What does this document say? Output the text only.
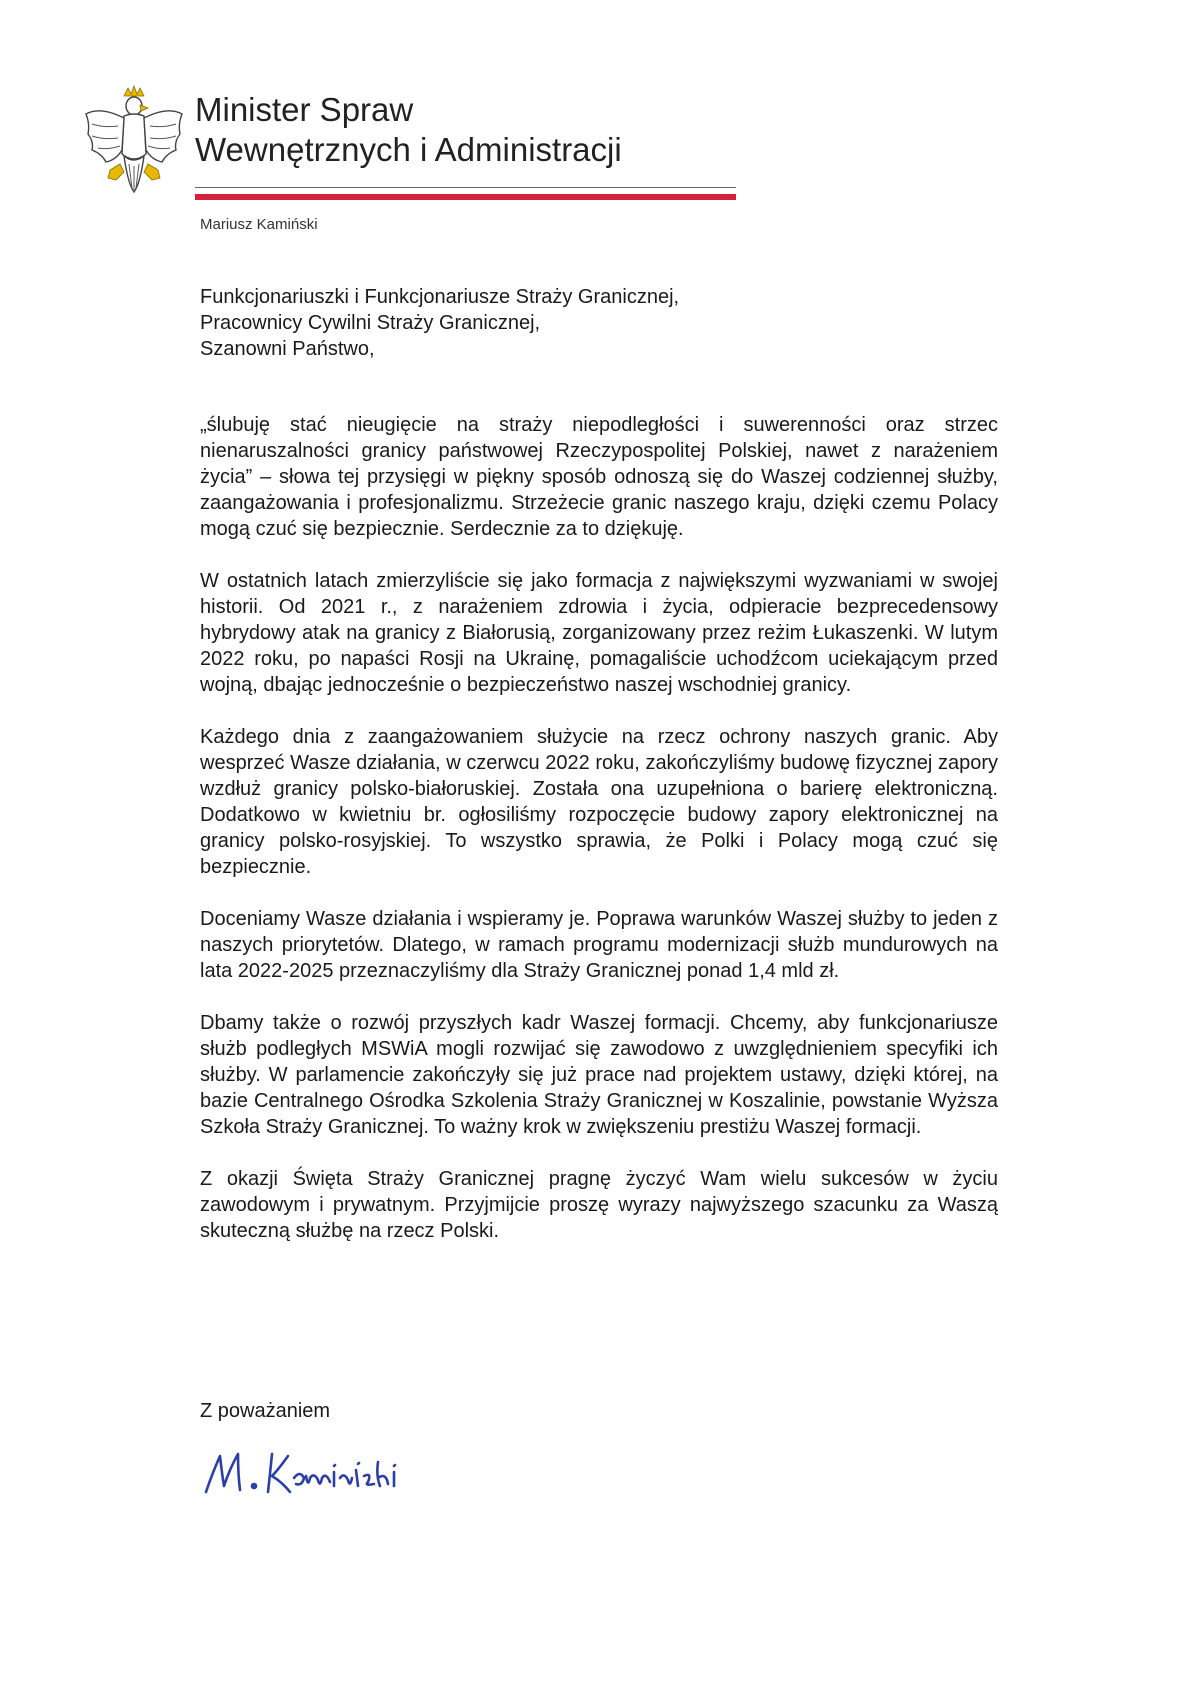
Minister Spraw
Wewnętrznych i Administracji
Mariusz Kamiński

Funkcjonariuszki i Funkcjonariusze Straży Granicznej,

Pracownicy Cywilni Straży Granicznej,

Szanowni Państwo,

„ślubuję stać nieugięcie na straży niepodległości i suwerenności oraz strzec nienaruszalności granicy państwowej Rzeczypospolitej Polskiej, nawet z narażeniem życia” – słowa tej przysięgi w piękny sposób odnoszą się do Waszej codziennej służby, zaangażowania i profesjonalizmu. Strzeżecie granic naszego kraju, dzięki czemu Polacy mogą czuć się bezpiecznie. Serdecznie za to dziękuję.

W ostatnich latach zmierzyliście się jako formacja z największymi wyzwaniami w swojej historii. Od 2021 r., z narażeniem zdrowia i życia, odpieracie bezprecedensowy hybrydowy atak na granicy z Białorusią, zorganizowany przez reżim Łukaszenki. W lutym 2022 roku, po napaści Rosji na Ukrainę, pomagaliście uchodźcom uciekającym przed wojną, dbając jednocześnie o bezpieczeństwo naszej wschodniej granicy.

Każdego dnia z zaangażowaniem służycie na rzecz ochrony naszych granic. Aby wesprzeć Wasze działania, w czerwcu 2022 roku, zakończyliśmy budowę fizycznej zapory wzdłuż granicy polsko-białoruskiej. Została ona uzupełniona o barierę elektroniczną. Dodatkowo w kwietniu br. ogłosiliśmy rozpoczęcie budowy zapory elektronicznej na granicy polsko-rosyjskiej. To wszystko sprawia, że Polki i Polacy mogą czuć się bezpiecznie.

Doceniamy Wasze działania i wspieramy je. Poprawa warunków Waszej służby to jeden z naszych priorytetów. Dlatego, w ramach programu modernizacji służb mundurowych na lata 2022-2025 przeznaczyliśmy dla Straży Granicznej ponad 1,4 mld zł.

Dbamy także o rozwój przyszłych kadr Waszej formacji. Chcemy, aby funkcjonariusze służb podległych MSWiA mogli rozwijać się zawodowo z uwzględnieniem specyfiki ich służby. W parlamencie zakończyły się już prace nad projektem ustawy, dzięki której, na bazie Centralnego Ośrodka Szkolenia Straży Granicznej w Koszalinie, powstanie Wyższa Szkoła Straży Granicznej. To ważny krok w zwiększeniu prestiżu Waszej formacji.

Z okazji Święta Straży Granicznej pragnę życzyć Wam wielu sukcesów w życiu zawodowym i prywatnym. Przyjmijcie proszę wyrazy najwyższego szacunku za Waszą skuteczną służbę na rzecz Polski.

Z poważaniem
